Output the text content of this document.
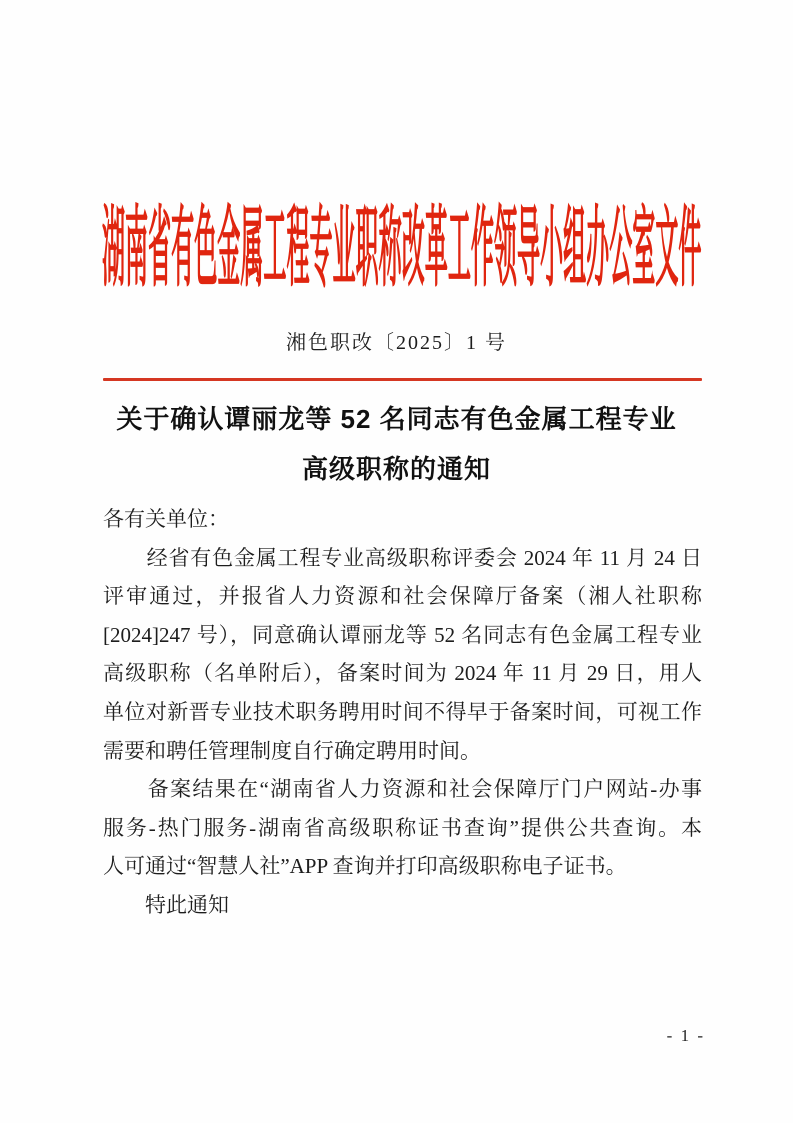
湖南省有色金属工程专业职称改革工作领导小组办公室文件
湘色职改〔2025〕1 号
关于确认谭丽龙等 52 名同志有色金属工程专业
高级职称的通知
各有关单位：
　　经省有色金属工程专业高级职称评委会 2024 年 11 月 24 日
评审通过，并报省人力资源和社会保障厅备案（湘人社职称
[2024]247 号），同意确认谭丽龙等 52 名同志有色金属工程专业
高级职称（名单附后），备案时间为 2024 年 11 月 29 日，用人
单位对新晋专业技术职务聘用时间不得早于备案时间，可视工作
需要和聘任管理制度自行确定聘用时间。
　　备案结果在“湖南省人力资源和社会保障厅门户网站-办事
服务-热门服务-湖南省高级职称证书查询”提供公共查询。本
人可通过“智慧人社”APP 查询并打印高级职称电子证书。
　　特此通知
- 1 -
